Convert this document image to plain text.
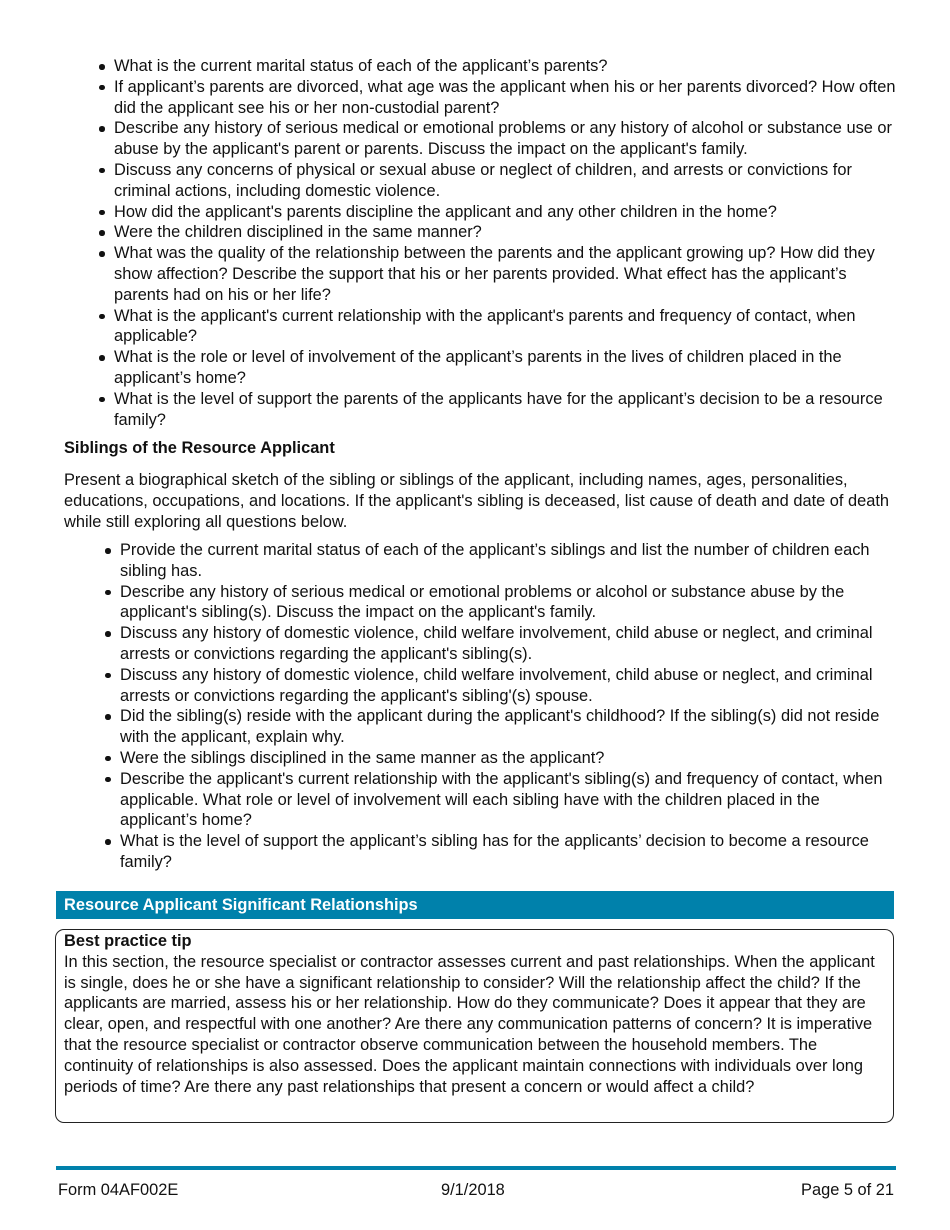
What is the current marital status of each of the applicant’s parents?
If applicant’s parents are divorced, what age was the applicant when his or her parents divorced? How often did the applicant see his or her non-custodial parent?
Describe any history of serious medical or emotional problems or any history of alcohol or substance use or abuse by the applicant's parent or parents. Discuss the impact on the applicant's family.
Discuss any concerns of physical or sexual abuse or neglect of children, and arrests or convictions for criminal actions, including domestic violence.
How did the applicant's parents discipline the applicant and any other children in the home?
Were the children disciplined in the same manner?
What was the quality of the relationship between the parents and the applicant growing up? How did they show affection? Describe the support that his or her parents provided. What effect has the applicant’s parents had on his or her life?
What is the applicant's current relationship with the applicant's parents and frequency of contact, when applicable?
What is the role or level of involvement of the applicant’s parents in the lives of children placed in the applicant’s home?
What is the level of support the parents of the applicants have for the applicant’s decision to be a resource family?
Siblings of the Resource Applicant

Present a biographical sketch of the sibling or siblings of the applicant, including names, ages, personalities, educations, occupations, and locations. If the applicant's sibling is deceased, list cause of death and date of death while still exploring all questions below.

Provide the current marital status of each of the applicant’s siblings and list the number of children each sibling has.
Describe any history of serious medical or emotional problems or alcohol or substance abuse by the applicant's sibling(s). Discuss the impact on the applicant's family.
Discuss any history of domestic violence, child welfare involvement, child abuse or neglect, and criminal arrests or convictions regarding the applicant's sibling(s).
Discuss any history of domestic violence, child welfare involvement, child abuse or neglect, and criminal arrests or convictions regarding the applicant's sibling'(s) spouse.
Did the sibling(s) reside with the applicant during the applicant's childhood? If the sibling(s) did not reside with the applicant, explain why.
Were the siblings disciplined in the same manner as the applicant?
Describe the applicant's current relationship with the applicant's sibling(s) and frequency of contact, when applicable. What role or level of involvement will each sibling have with the children placed in the applicant’s home?
What is the level of support the applicant’s sibling has for the applicants’ decision to become a resource family?
Resource Applicant Significant Relationships
Best practice tip
In this section, the resource specialist or contractor assesses current and past relationships. When the applicant is single, does he or she have a significant relationship to consider? Will the relationship affect the child? If the applicants are married, assess his or her relationship. How do they communicate? Does it appear that they are clear, open, and respectful with one another? Are there any communication patterns of concern? It is imperative that the resource specialist or contractor observe communication between the household members. The continuity of relationships is also assessed. Does the applicant maintain connections with individuals over long periods of time? Are there any past relationships that present a concern or would affect a child?
Form 04AF002E	9/1/2018	Page 5 of 21
